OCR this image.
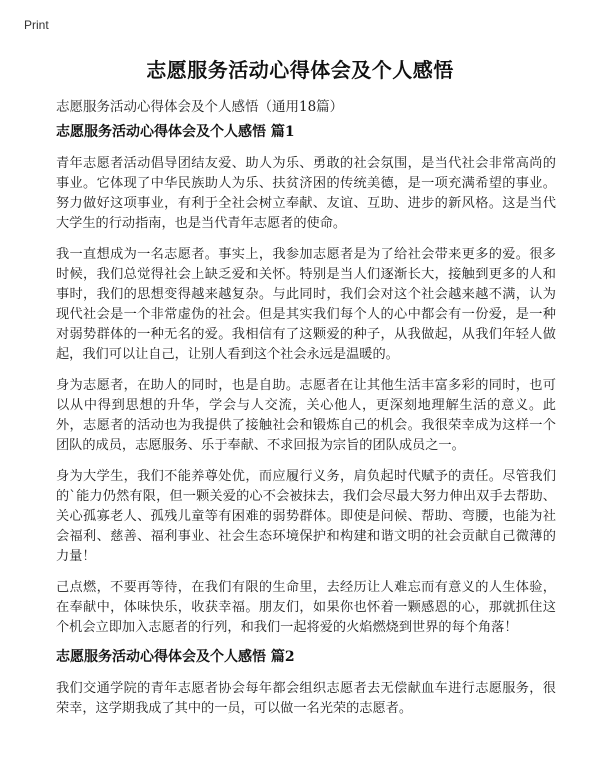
Print
志愿服务活动心得体会及个人感悟
志愿服务活动心得体会及个人感悟（通用18篇）
志愿服务活动心得体会及个人感悟 篇1

青年志愿者活动倡导团结友爱、助人为乐、勇敢的社会氛围，是当代社会非常高尚的事业。它体现了中华民族助人为乐、扶贫济困的传统美德，是一项充满希望的事业。努力做好这项事业，有利于全社会树立奉献、友谊、互助、进步的新风格。这是当代大学生的行动指南，也是当代青年志愿者的使命。

我一直想成为一名志愿者。事实上，我参加志愿者是为了给社会带来更多的爱。很多时候，我们总觉得社会上缺乏爱和关怀。特别是当人们逐渐长大，接触到更多的人和事时，我们的思想变得越来越复杂。与此同时，我们会对这个社会越来越不满，认为现代社会是一个非常虚伪的社会。但是其实我们每个人的心中都会有一份爱，是一种对弱势群体的一种无名的爱。我相信有了这颗爱的种子，从我做起，从我们年轻人做起，我们可以让自己，让别人看到这个社会永远是温暖的。

身为志愿者，在助人的同时，也是自助。志愿者在让其他生活丰富多彩的同时，也可以从中得到思想的升华，学会与人交流，关心他人，更深刻地理解生活的意义。此外，志愿者的活动也为我提供了接触社会和锻炼自己的机会。我很荣幸成为这样一个团队的成员，志愿服务、乐于奉献、不求回报为宗旨的团队成员之一。

身为大学生，我们不能养尊处优，而应履行义务，肩负起时代赋予的责任。尽管我们的`能力仍然有限，但一颗关爱的心不会被抹去，我们会尽最大努力伸出双手去帮助、关心孤寡老人、孤残儿童等有困难的弱势群体。即使是问候、帮助、弯腰，也能为社会福利、慈善、福利事业、社会生态环境保护和构建和谐文明的社会贡献自己微薄的力量！

己点燃，不要再等待，在我们有限的生命里，去经历让人难忘而有意义的人生体验，在奉献中，体味快乐，收获幸福。朋友们，如果你也怀着一颗感恩的心，那就抓住这个机会立即加入志愿者的行列，和我们一起将爱的火焰燃烧到世界的每个角落！

志愿服务活动心得体会及个人感悟 篇2

我们交通学院的青年志愿者协会每年都会组织志愿者去无偿献血车进行志愿服务，很荣幸，这学期我成了其中的一员，可以做一名光荣的志愿者。
